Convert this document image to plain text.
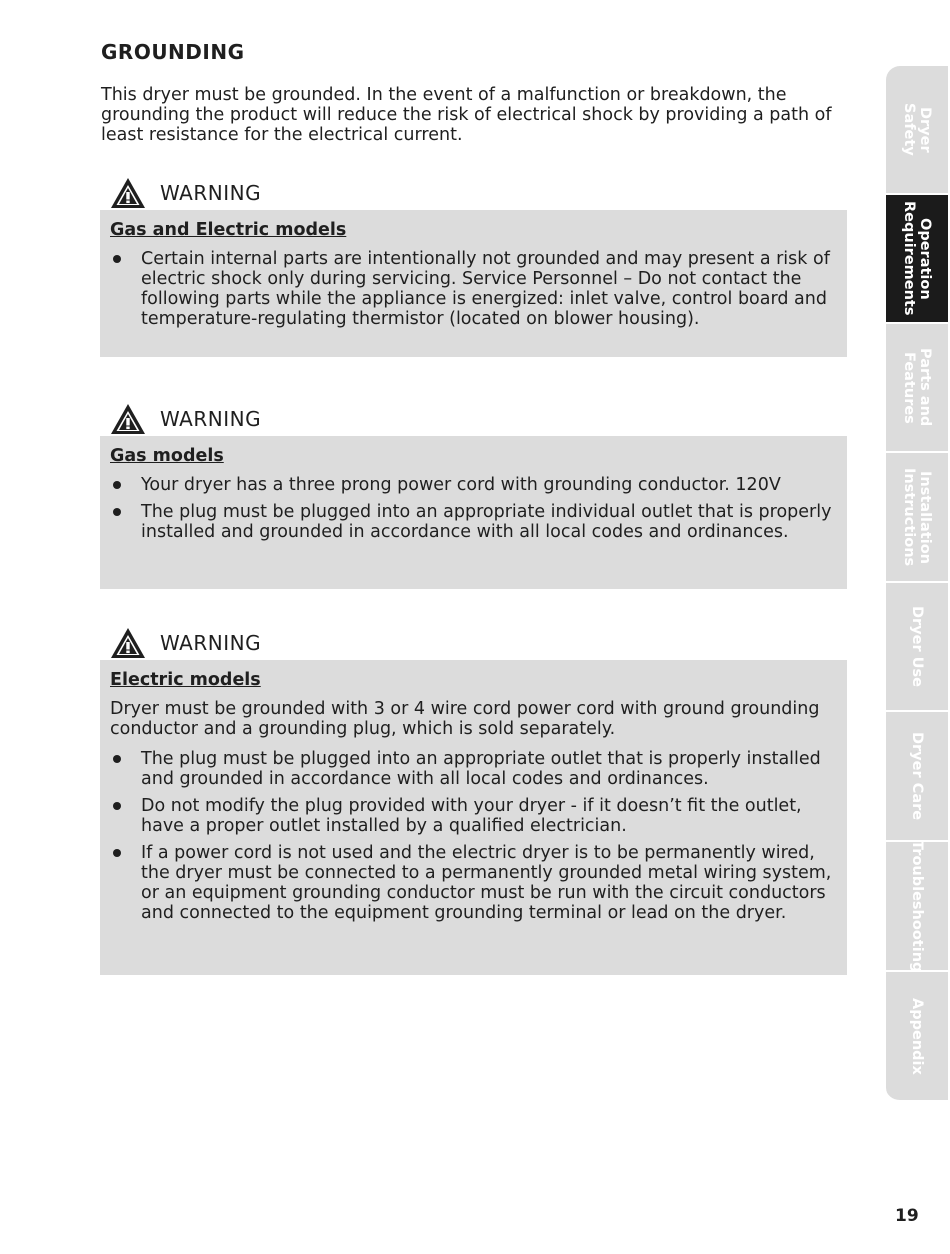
GROUNDING

This dryer must be grounded. In the event of a malfunction or breakdown, the grounding the product will reduce the risk of electrical shock by providing a path of least resistance for the electrical current.

WARNING

Gas and Electric models

Certain internal parts are intentionally not grounded and may present a risk of electric shock only during servicing. Service Personnel – Do not contact the following parts while the appliance is energized: inlet valve, control board and temperature-regulating thermistor (located on blower housing).
WARNING

Gas models

Your dryer has a three prong power cord with grounding conductor. 120V
The plug must be plugged into an appropriate individual outlet that is properly installed and grounded in accordance with all local codes and ordinances.
WARNING

Electric models

Dryer must be grounded with 3 or 4 wire cord power cord with ground grounding conductor and a grounding plug, which is sold separately.

The plug must be plugged into an appropriate outlet that is properly installed and grounded in accordance with all local codes and ordinances.
Do not modify the plug provided with your dryer - if it doesn’t fit the outlet, have a proper outlet installed by a qualified electrician.
If a power cord is not used and the electric dryer is to be permanently wired, the dryer must be connected to a permanently grounded metal wiring system, or an equipment grounding conductor must be run with the circuit conductors and connected to the equipment grounding terminal or lead on the dryer.
Dryer
Safety
Operation
Requirements
Parts and
Features
Installation
Instructions
Dryer Use
Dryer Care
Troubleshooting
Appendix
19
